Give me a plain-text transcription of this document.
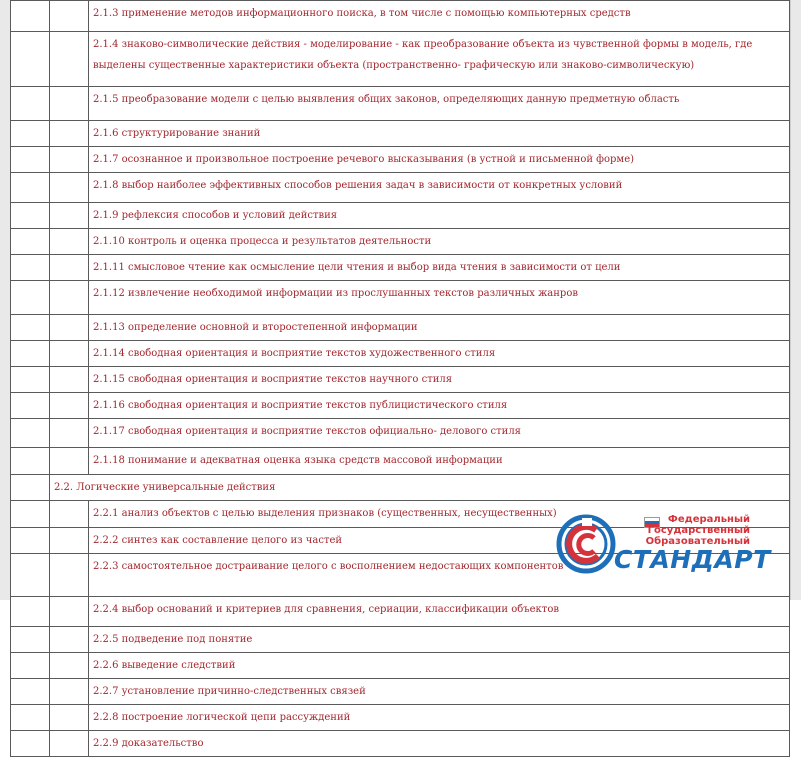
		2.1.3 применение методов информационного поиска, в том числе с помощью компьютерных средств
		2.1.4 знаково-символические действия - моделирование - как преобразование объекта из чувственной формы в модель, где выделены существенные характеристики объекта (пространственно- графическую или знаково-символическую)
		2.1.5 преобразование модели с целью выявления общих законов, определяющих данную предметную область
		2.1.6 структурирование знаний
		2.1.7 осознанное и произвольное построение речевого высказывания (в устной и письменной форме)
		2.1.8 выбор наиболее эффективных способов решения задач в зависимости от конкретных условий
		2.1.9 рефлексия способов и условий действия
		2.1.10 контроль и оценка процесса и результатов деятельности
		2.1.11 смысловое чтение как осмысление цели чтения и выбор вида чтения в зависимости от цели
		2.1.12 извлечение необходимой информации из прослушанных текстов различных жанров
		2.1.13 определение основной и второстепенной информации
		2.1.14 свободная ориентация и восприятие текстов художественного стиля
		2.1.15 свободная ориентация и восприятие текстов научного стиля
		2.1.16 свободная ориентация и восприятие текстов публицистического стиля
		2.1.17 свободная ориентация и восприятие текстов официально- делового стиля
		2.1.18 понимание и адекватная оценка языка средств массовой информации
	2.2. Логические универсальные действия	
		2.2.1 анализ объектов с целью выделения признаков (существенных, несущественных)
		2.2.2 синтез как составление целого из частей
		2.2.3 самостоятельное достраивание целого с восполнением недостающих компонентов
		2.2.4 выбор оснований и критериев для сравнения, сериации, классификации объектов
		2.2.5 подведение под понятие
		2.2.6 выведение следствий
		2.2.7 установление причинно-следственных связей
		2.2.8 построение логической цепи рассуждений
		2.2.9 доказательство
Федеральный
Государственный
Образовательный
СТАНДАРТ
